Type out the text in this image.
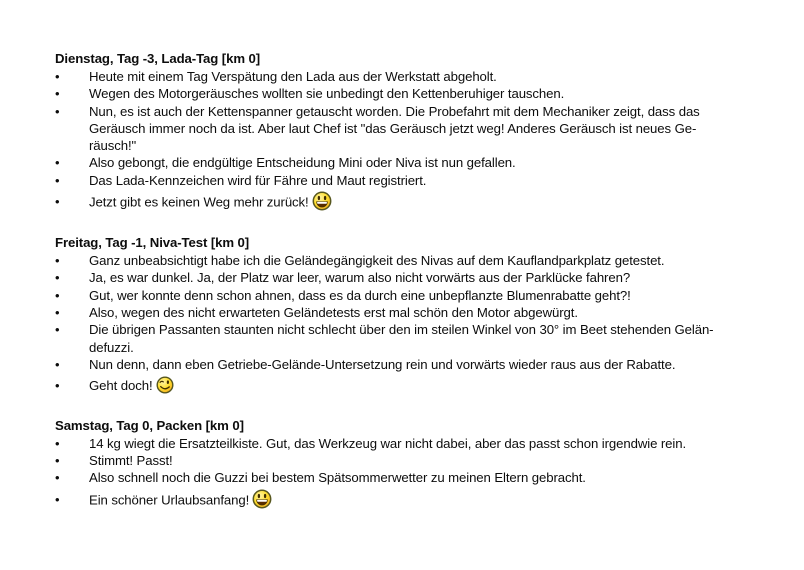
Dienstag, Tag -3, Lada-Tag [km 0]
•	Heute mit einem Tag Verspätung den Lada aus der Werkstatt abgeholt.
•	Wegen des Motorgeräusches wollten sie unbedingt den Kettenberuhiger tauschen.
•	Nun, es ist auch der Kettenspanner getauscht worden. Die Probefahrt mit dem Mechaniker zeigt, dass das
Geräusch immer noch da ist. Aber laut Chef ist "das Geräusch jetzt weg! Anderes Geräusch ist neues Ge-
räusch!"
•	Also gebongt, die endgültige Entscheidung Mini oder Niva ist nun gefallen.
•	Das Lada-Kennzeichen wird für Fähre und Maut registriert.
•	Jetzt gibt es keinen Weg mehr zurück!
Freitag, Tag -1, Niva-Test [km 0]
•	Ganz unbeabsichtigt habe ich die Geländegängigkeit des Nivas auf dem Kauflandparkplatz getestet.
•	Ja, es war dunkel. Ja, der Platz war leer, warum also nicht vorwärts aus der Parklücke fahren?
•	Gut, wer konnte denn schon ahnen, dass es da durch eine unbepflanzte Blumenrabatte geht?!
•	Also, wegen des nicht erwarteten Geländetests erst mal schön den Motor abgewürgt.
•	Die übrigen Passanten staunten nicht schlecht über den im steilen Winkel von 30° im Beet stehenden Gelän-
defuzzi.
•	Nun denn, dann eben Getriebe-Gelände-Untersetzung rein und vorwärts wieder raus aus der Rabatte.
•	Geht doch!
Samstag, Tag 0, Packen [km 0]
•	14 kg wiegt die Ersatzteilkiste. Gut, das Werkzeug war nicht dabei, aber das passt schon irgendwie rein.
•	Stimmt! Passt!
•	Also schnell noch die Guzzi bei bestem Spätsommerwetter zu meinen Eltern gebracht.
•	Ein schöner Urlaubsanfang!
